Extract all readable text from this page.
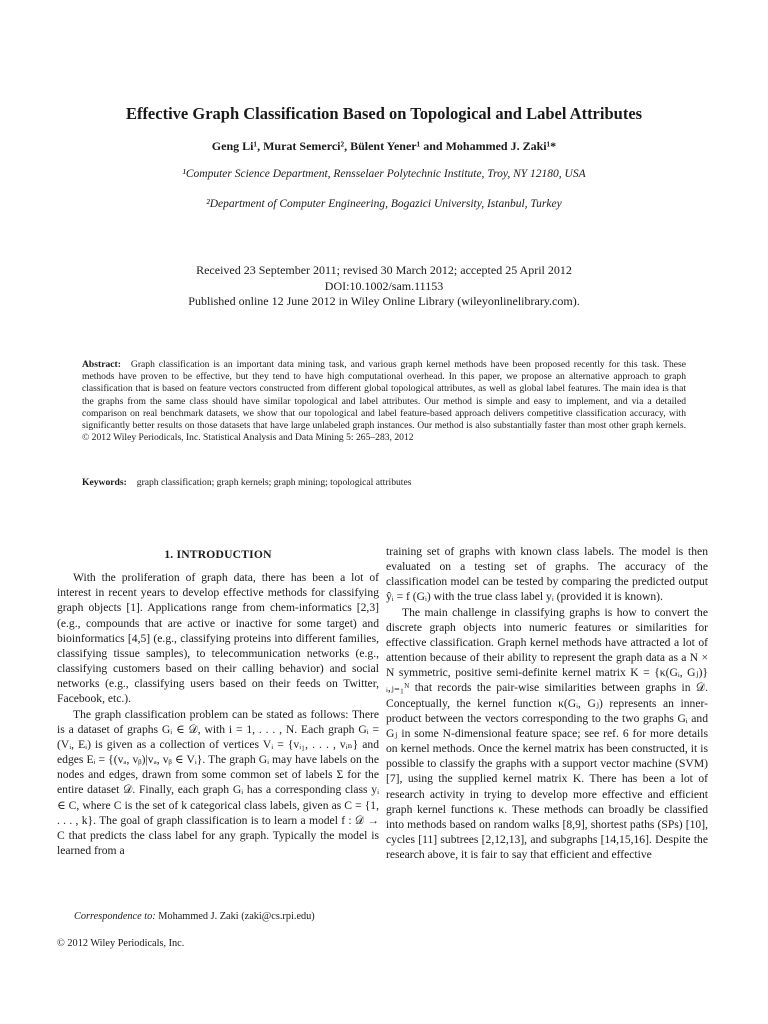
Effective Graph Classification Based on Topological and Label Attributes
Geng Li¹, Murat Semerci², Bülent Yener¹ and Mohammed J. Zaki¹*
¹Computer Science Department, Rensselaer Polytechnic Institute, Troy, NY 12180, USA
²Department of Computer Engineering, Bogazici University, Istanbul, Turkey
Received 23 September 2011; revised 30 March 2012; accepted 25 April 2012
DOI:10.1002/sam.11153
Published online 12 June 2012 in Wiley Online Library (wileyonlinelibrary.com).

Abstract: Graph classification is an important data mining task, and various graph kernel methods have been proposed recently for this task. These methods have proven to be effective, but they tend to have high computational overhead. In this paper, we propose an alternative approach to graph classification that is based on feature vectors constructed from different global topological attributes, as well as global label features. The main idea is that the graphs from the same class should have similar topological and label attributes. Our method is simple and easy to implement, and via a detailed comparison on real benchmark datasets, we show that our topological and label feature-based approach delivers competitive classification accuracy, with significantly better results on those datasets that have large unlabeled graph instances. Our method is also substantially faster than most other graph kernels. © 2012 Wiley Periodicals, Inc. Statistical Analysis and Data Mining 5: 265–283, 2012

Keywords: graph classification; graph kernels; graph mining; topological attributes

1. INTRODUCTION

With the proliferation of graph data, there has been a lot of interest in recent years to develop effective methods for classifying graph objects [1]. Applications range from chem-informatics [2,3] (e.g., compounds that are active or inactive for some target) and bioinformatics [4,5] (e.g., classifying proteins into different families, classifying tissue samples), to telecommunication networks (e.g., classifying customers based on their calling behavior) and social networks (e.g., classifying users based on their feeds on Twitter, Facebook, etc.).

The graph classification problem can be stated as follows: There is a dataset of graphs Gᵢ ∈ 𝒟, with i = 1, . . . , N. Each graph Gᵢ = (Vᵢ, Eᵢ) is given as a collection of vertices Vᵢ = {vᵢ₁, . . . , vᵢₙ} and edges Eᵢ = {(vₐ, vᵦ)|vₐ, vᵦ ∈ Vᵢ}. The graph Gᵢ may have labels on the nodes and edges, drawn from some common set of labels Σ for the entire dataset 𝒟. Finally, each graph Gᵢ has a corresponding class yᵢ ∈ C, where C is the set of k categorical class labels, given as C = {1, . . . , k}. The goal of graph classification is to learn a model f : 𝒟 → C that predicts the class label for any graph. Typically the model is learned from a

training set of graphs with known class labels. The model is then evaluated on a testing set of graphs. The accuracy of the classification model can be tested by comparing the predicted output ŷᵢ = f (Gᵢ) with the true class label yᵢ (provided it is known).

The main challenge in classifying graphs is how to convert the discrete graph objects into numeric features or similarities for effective classification. Graph kernel methods have attracted a lot of attention because of their ability to represent the graph data as a N × N symmetric, positive semi-definite kernel matrix K = {κ(Gᵢ, Gⱼ)}ᵢ,ⱼ₌₁ᴺ that records the pair-wise similarities between graphs in 𝒟. Conceptually, the kernel function κ(Gᵢ, Gⱼ) represents an inner-product between the vectors corresponding to the two graphs Gᵢ and Gⱼ in some N-dimensional feature space; see ref. 6 for more details on kernel methods. Once the kernel matrix has been constructed, it is possible to classify the graphs with a support vector machine (SVM) [7], using the supplied kernel matrix K. There has been a lot of research activity in trying to develop more effective and efficient graph kernel functions κ. These methods can broadly be classified into methods based on random walks [8,9], shortest paths (SPs) [10], cycles [11] subtrees [2,12,13], and subgraphs [14,15,16]. Despite the research above, it is fair to say that efficient and effective

Correspondence to: Mohammed J. Zaki (zaki@cs.rpi.edu)

© 2012 Wiley Periodicals, Inc.
